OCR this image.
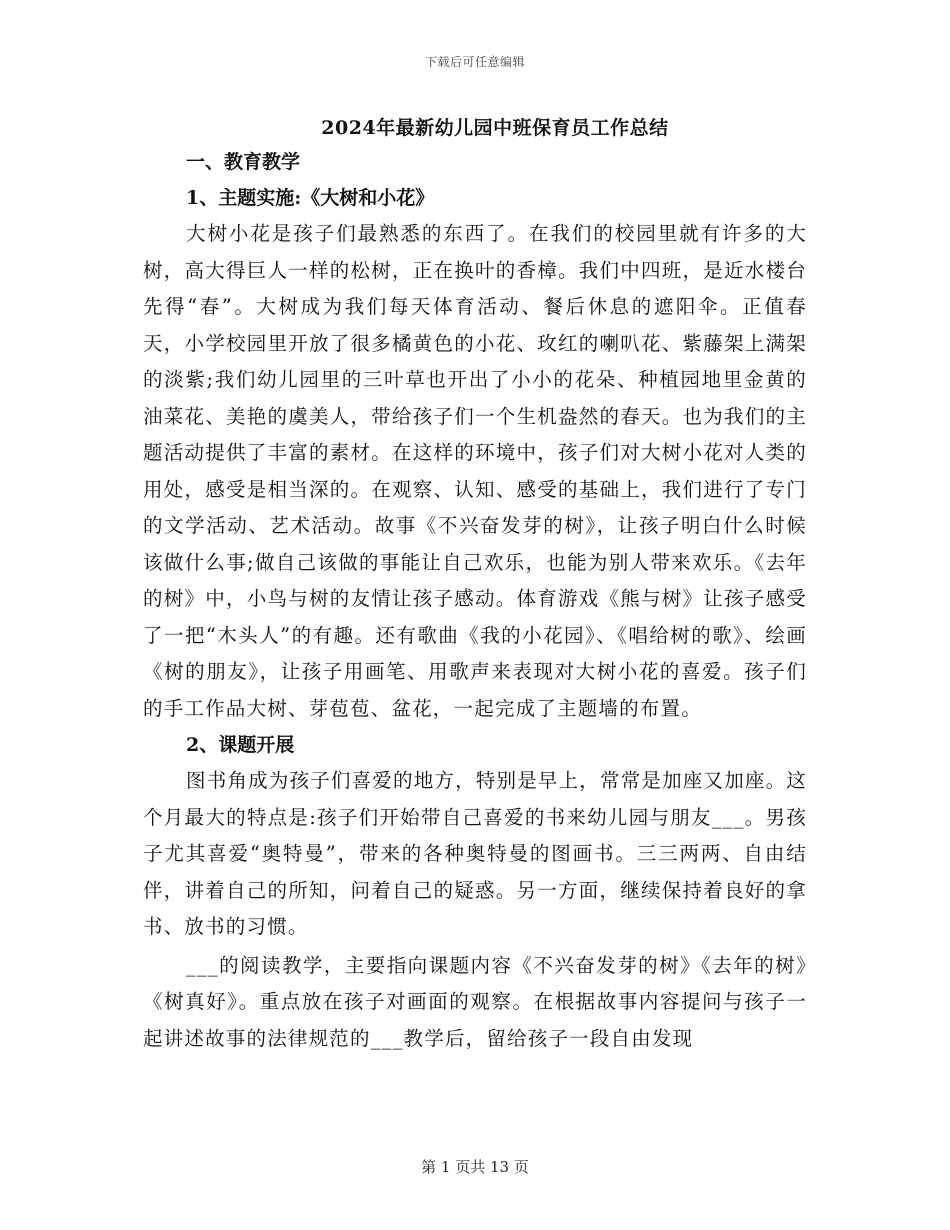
下载后可任意编辑
2024年最新幼儿园中班保育员工作总结
一、教育教学
1、主题实施:《大树和小花》

大树小花是孩子们最熟悉的东西了。在我们的校园里就有许多的大树，高大得巨人一样的松树，正在换叶的香樟。我们中四班，是近水楼台先得“春”。大树成为我们每天体育活动、餐后休息的遮阳伞。正值春天，小学校园里开放了很多橘黄色的小花、玫红的喇叭花、紫藤架上满架的淡紫;我们幼儿园里的三叶草也开出了小小的花朵、种植园地里金黄的油菜花、美艳的虞美人，带给孩子们一个生机盎然的春天。也为我们的主题活动提供了丰富的素材。在这样的环境中，孩子们对大树小花对人类的用处，感受是相当深的。在观察、认知、感受的基础上，我们进行了专门的文学活动、艺术活动。故事《不兴奋发芽的树》，让孩子明白什么时候该做什么事;做自己该做的事能让自己欢乐，也能为别人带来欢乐。《去年的树》中，小鸟与树的友情让孩子感动。体育游戏《熊与树》让孩子感受了一把“木头人”的有趣。还有歌曲《我的小花园》、《唱给树的歌》、绘画《树的朋友》，让孩子用画笔、用歌声来表现对大树小花的喜爱。孩子们的手工作品大树、芽苞苞、盆花，一起完成了主题墙的布置。

2、课题开展

图书角成为孩子们喜爱的地方，特别是早上，常常是加座又加座。这个月最大的特点是:孩子们开始带自己喜爱的书来幼儿园与朋友___。男孩子尤其喜爱“奥特曼”，带来的各种奥特曼的图画书。三三两两、自由结伴，讲着自己的所知，问着自己的疑惑。另一方面，继续保持着良好的拿书、放书的习惯。

___的阅读教学，主要指向课题内容《不兴奋发芽的树》《去年的树》《树真好》。重点放在孩子对画面的观察。在根据故事内容提问与孩子一起讲述故事的法律规范的___教学后，留给孩子一段自由发现

第 1 页共 13 页
